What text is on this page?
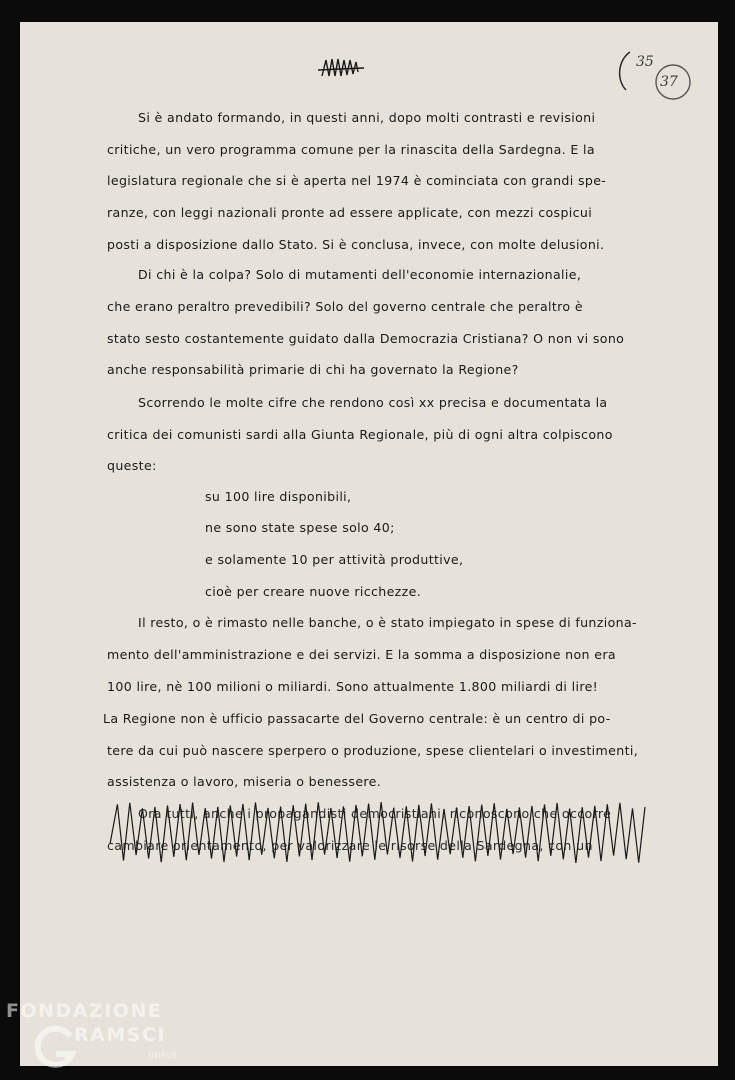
35
37
Si è andato formando, in questi anni, dopo molti contrasti e revisioni
critiche, un vero programma comune per la rinascita della Sardegna. E la
legislatura regionale che si è aperta nel 1974 è cominciata con grandi spe-
ranze, con leggi nazionali pronte ad essere applicate, con mezzi cospicui
posti a disposizione dallo Stato. Si è conclusa, invece, con molte delusioni.
Di chi è la colpa? Solo di mutamenti dell'economie internazionalie,
che erano peraltro prevedibili? Solo del governo centrale che peraltro è
stato sesto costantemente guidato dalla Democrazia Cristiana? O non vi sono
anche responsabilità primarie di chi ha governato la Regione?
Scorrendo le molte cifre che rendono così xx precisa e documentata la
critica dei comunisti sardi alla Giunta Regionale, più di ogni altra colpiscono
queste:
su 100 lire disponibili,
ne sono state spese solo 40;
e solamente 10 per attività produttive,
cioè per creare nuove ricchezze.
Il resto, o è rimasto nelle banche, o è stato impiegato in spese di funziona-
mento dell'amministrazione e dei servizi. E la somma a disposizione non era
100 lire, nè 100 milioni o miliardi. Sono attualmente 1.800 miliardi di lire!
La Regione non è ufficio passacarte del Governo centrale: è un centro di po-
tere da cui può nascere sperpero o produzione, spese clientelari o investimenti,
assistenza o lavoro, miseria o benessere.
Ora tutti, anche i propagandisti democristiani, riconoscono che occorre
cambiare orientamento, per valorizzare le risorse della Sardegna, con un
FONDAZIONE
RAMSCI
onlus
